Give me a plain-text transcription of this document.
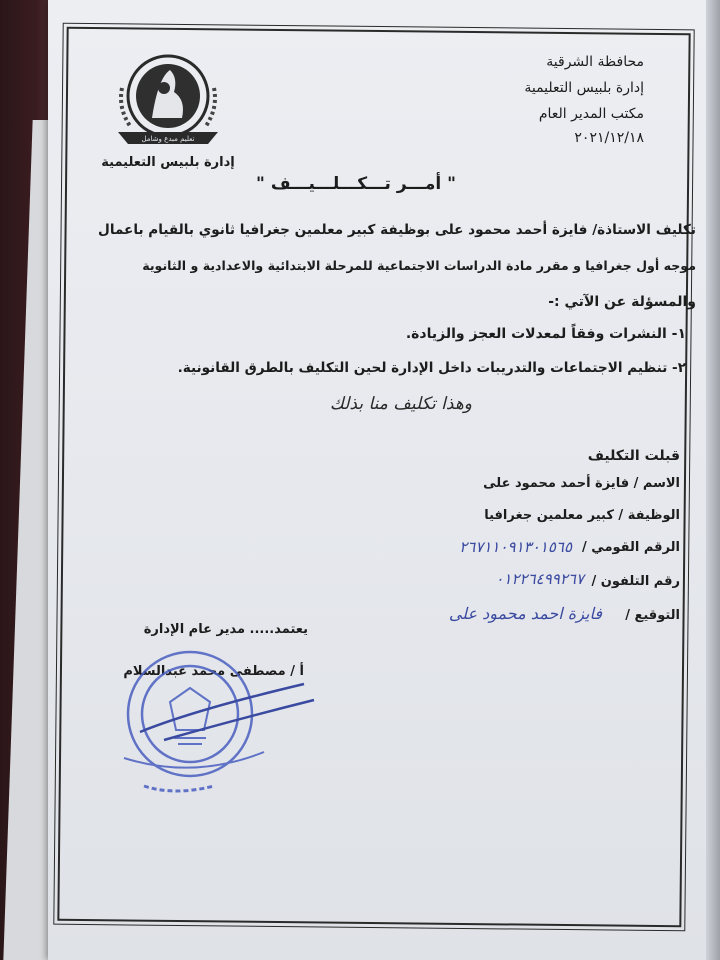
محافظة الشرقية
إدارة بلبيس التعليمية
مكتب المدير العام
٢٠٢١/١٢/١٨
تعليم مبدع وشامل
إدارة بلبيس التعليمية
" أمـــر تـــكـــلـــيـــف "
تكليف الاستاذة/ فايزة أحمد محمود على بوظيفة كبير معلمين جغرافيا ثانوي بالقيام باعمال
موجه أول جغرافيا و مقرر مادة الدراسات الاجتماعية للمرحلة الابتدائية والاعدادية و الثانوية
والمسؤلة عن الآتي :-
١- النشرات وفقاً لمعدلات العجز والزيادة.
٢- تنظيم الاجتماعات والتدريبات داخل الإدارة لحين التكليف بالطرق القانونية.
وهذا تكليف منا بذلك
قبلت التكليف
الاسم / فايزة أحمد محمود على
الوظيفة / كبير معلمين جغرافيا
الرقم القومي /
٢٦٧١١٠٩١٣٠١٥٦٥
رقم التلفون /
٠١٢٢٦٤٩٩٢٦٧
التوقيع /
فايزة احمد محمود على
يعتمد..... مدير عام الإدارة
أ / مصطفى محمد عبدالسلام
